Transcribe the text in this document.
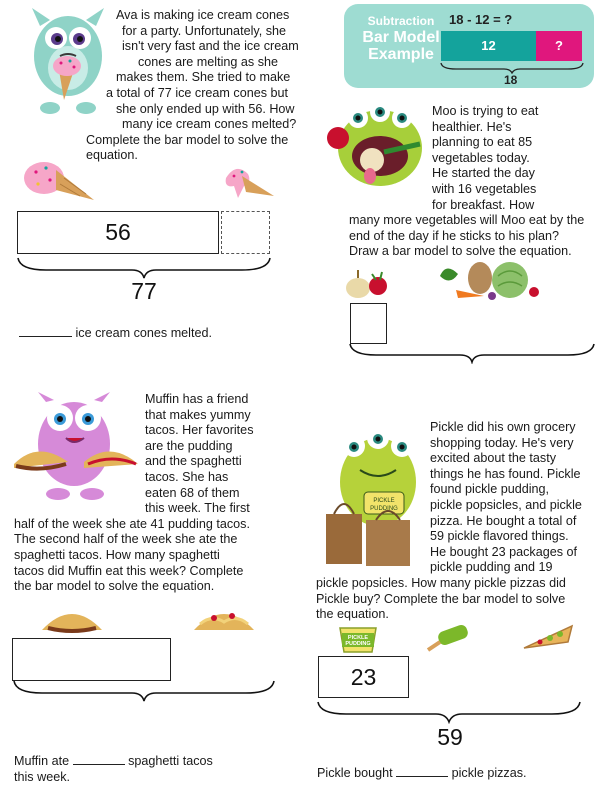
Ava is making ice cream cones
for a party. Unfortunately, she
isn't very fast and the ice cream
cones are melting as she
makes them. She tried to make
a total of 77 ice cream cones but
she only ended up with 56. How
many ice cream cones melted?
Complete the bar model to solve the
equation.
56
77
ice cream cones melted.
Subtraction
Bar Model
Example
18 - 12 = ?
12	?
18
Moo is trying to eat
healthier. He's
planning to eat 85
vegetables today.
He started the day
with 16 vegetables
for breakfast. How
many more vegetables will Moo eat by the
end of the day if he sticks to his plan?
Draw a bar model to solve the equation.
Muffin has a friend
that makes yummy
tacos. Her favorites
are the pudding
and the spaghetti
tacos. She has
eaten 68 of them
this week. The first
half of the week she ate 41 pudding tacos.
The second half of the week she ate the
spaghetti tacos. How many spaghetti
tacos did Muffin eat this week? Complete
the bar model to solve the equation.
Muffin ate	spaghetti tacos
this week.
PICKLE
PUDDING
Pickle did his own grocery
shopping today. He's very
excited about the tasty
things he has found. Pickle
found pickle pudding,
pickle popsicles, and pickle
pizza. He bought a total of
59 pickle flavored things.
He bought 23 packages of
pickle pudding and 19
pickle popsicles. How many pickle pizzas did
Pickle buy? Complete the bar model to solve
the equation.
PICKLE
PUDDING
23
59
Pickle bought	pickle pizzas.
